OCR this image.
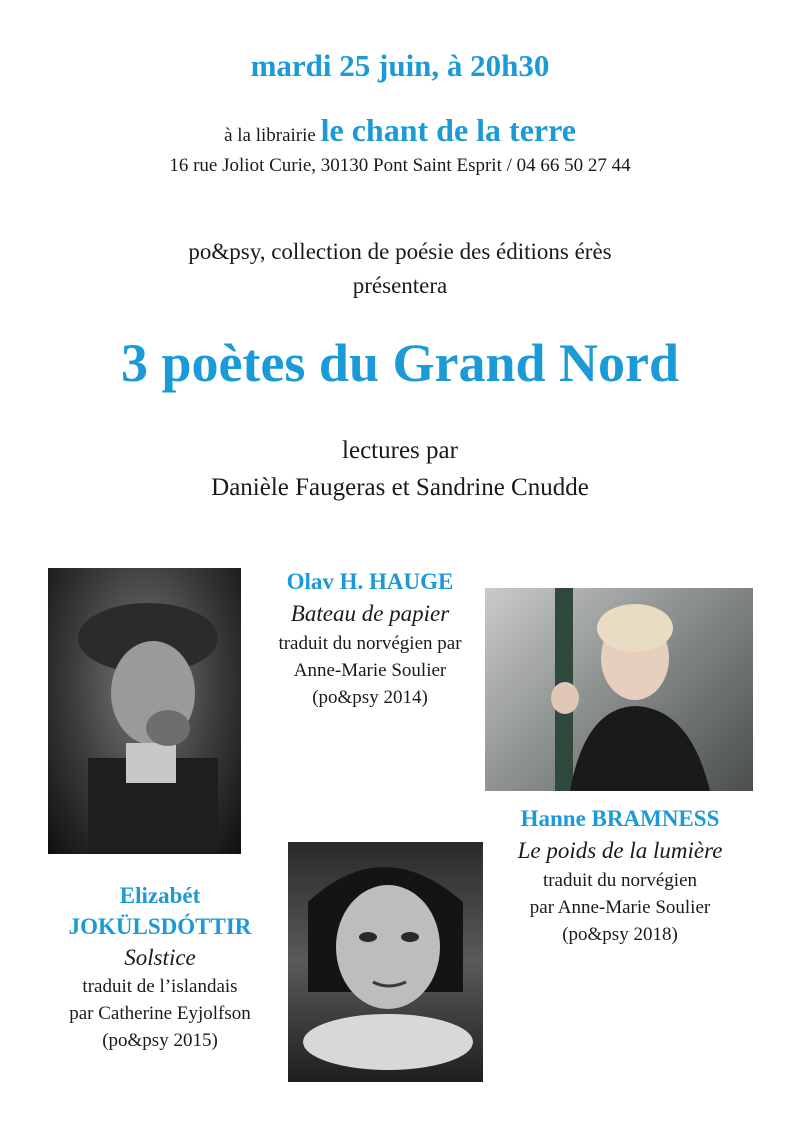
mardi 25 juin, à 20h30
à la librairie le chant de la terre
16 rue Joliot Curie, 30130 Pont Saint Esprit / 04 66 50 27 44
po&psy, collection de poésie des éditions érès
présentera
3 poètes du Grand Nord
lectures par
Danièle Faugeras et Sandrine Cnudde
Olav H. HAUGE
Bateau de papier
traduit du norvégien par
Anne-Marie Soulier
(po&psy 2014)
Hanne BRAMNESS
Le poids de la lumière
traduit du norvégien
par Anne-Marie Soulier
(po&psy 2018)
Elizabét
JOKÜLSDÓTTIR
Solstice
traduit de l’islandais
par Catherine Eyjolfson
(po&psy 2015)
